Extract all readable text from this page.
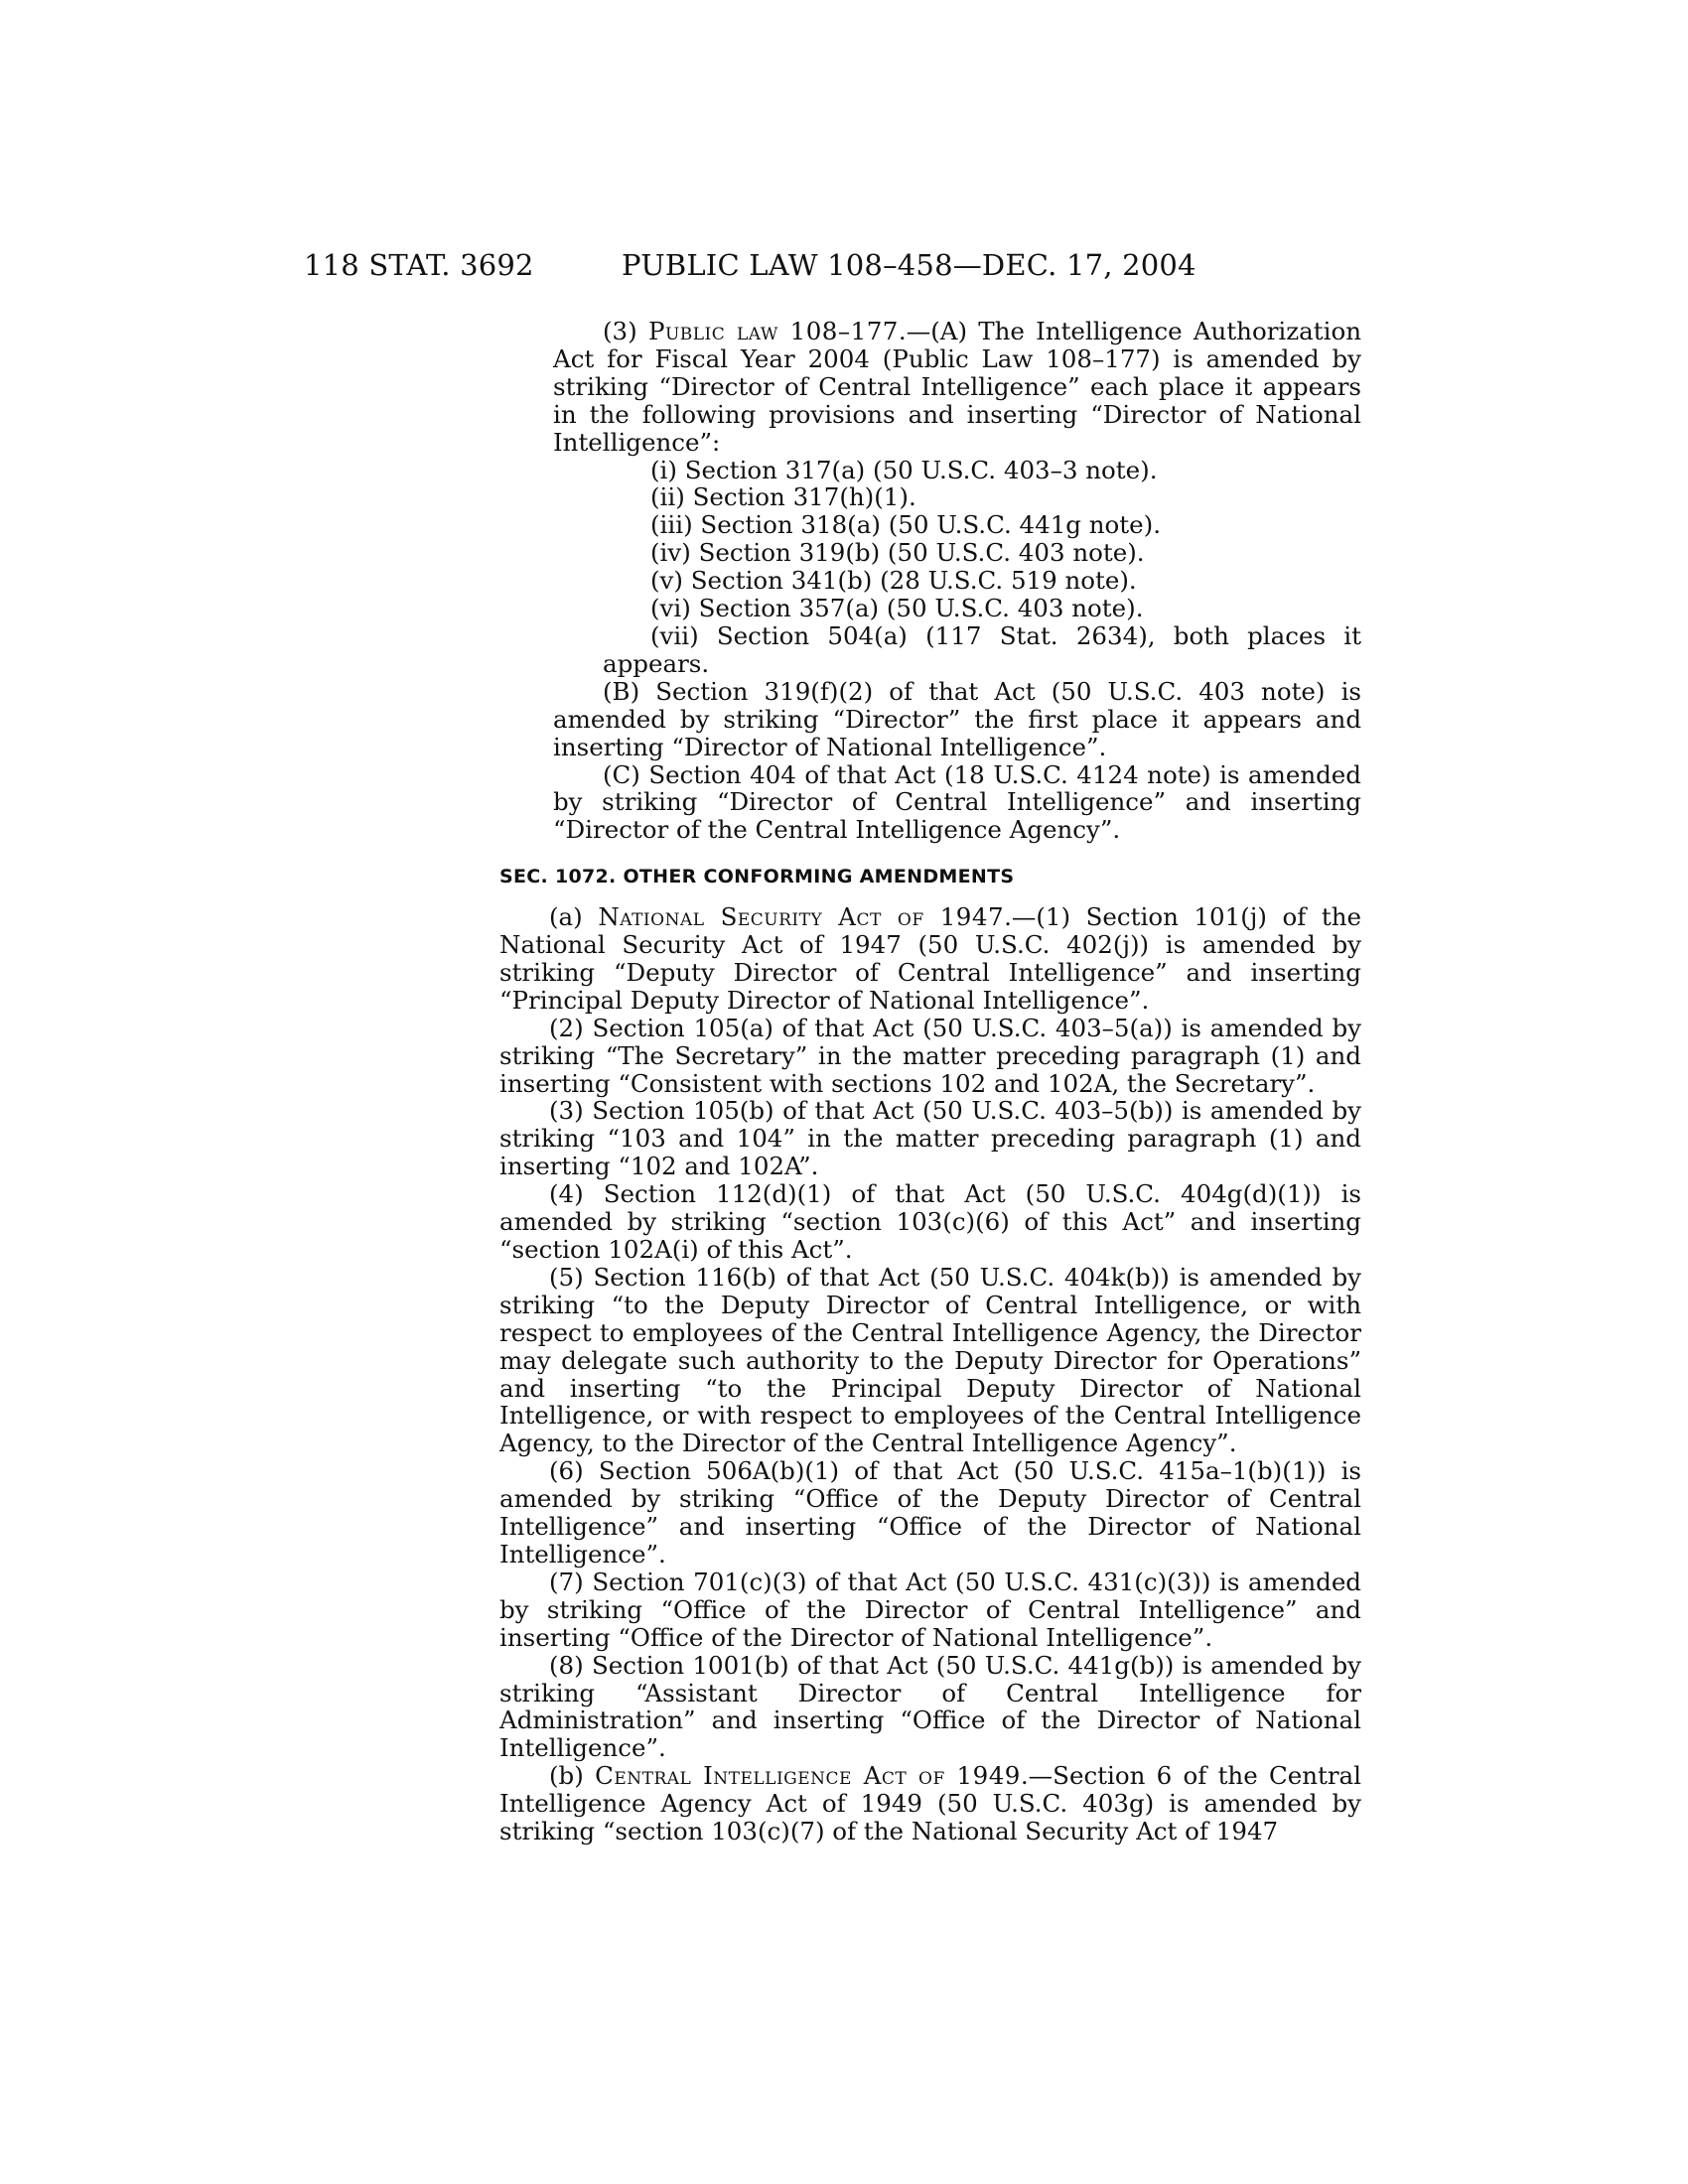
118 STAT. 3692	PUBLIC LAW 108–458—DEC. 17, 2004

(3) Public law 108–177.—(A) The Intelligence Authorization Act for Fiscal Year 2004 (Public Law 108–177) is amended by striking “Director of Central Intelligence” each place it appears in the following provisions and inserting “Director of National Intelligence”:

(i) Section 317(a) (50 U.S.C. 403–3 note).

(ii) Section 317(h)(1).

(iii) Section 318(a) (50 U.S.C. 441g note).

(iv) Section 319(b) (50 U.S.C. 403 note).

(v) Section 341(b) (28 U.S.C. 519 note).

(vi) Section 357(a) (50 U.S.C. 403 note).

(vii) Section 504(a) (117 Stat. 2634), both places it appears.

(B) Section 319(f)(2) of that Act (50 U.S.C. 403 note) is amended by striking “Director” the first place it appears and inserting “Director of National Intelligence”.

(C) Section 404 of that Act (18 U.S.C. 4124 note) is amended by striking “Director of Central Intelligence” and inserting “Director of the Central Intelligence Agency”.

SEC. 1072. OTHER CONFORMING AMENDMENTS

(a) National Security Act of 1947.—(1) Section 101(j) of the National Security Act of 1947 (50 U.S.C. 402(j)) is amended by striking “Deputy Director of Central Intelligence” and inserting “Principal Deputy Director of National Intelligence”.

(2) Section 105(a) of that Act (50 U.S.C. 403–5(a)) is amended by striking “The Secretary” in the matter preceding paragraph (1) and inserting “Consistent with sections 102 and 102A, the Secretary”.

(3) Section 105(b) of that Act (50 U.S.C. 403–5(b)) is amended by striking “103 and 104” in the matter preceding paragraph (1) and inserting “102 and 102A”.

(4) Section 112(d)(1) of that Act (50 U.S.C. 404g(d)(1)) is amended by striking “section 103(c)(6) of this Act” and inserting “section 102A(i) of this Act”.

(5) Section 116(b) of that Act (50 U.S.C. 404k(b)) is amended by striking “to the Deputy Director of Central Intelligence, or with respect to employees of the Central Intelligence Agency, the Director may delegate such authority to the Deputy Director for Operations” and inserting “to the Principal Deputy Director of National Intelligence, or with respect to employees of the Central Intelligence Agency, to the Director of the Central Intelligence Agency”.

(6) Section 506A(b)(1) of that Act (50 U.S.C. 415a–1(b)(1)) is amended by striking “Office of the Deputy Director of Central Intelligence” and inserting “Office of the Director of National Intelligence”.

(7) Section 701(c)(3) of that Act (50 U.S.C. 431(c)(3)) is amended by striking “Office of the Director of Central Intelligence” and inserting “Office of the Director of National Intelligence”.

(8) Section 1001(b) of that Act (50 U.S.C. 441g(b)) is amended by striking “Assistant Director of Central Intelligence for Administration” and inserting “Office of the Director of National Intelligence”.

(b) Central Intelligence Act of 1949.—Section 6 of the Central Intelligence Agency Act of 1949 (50 U.S.C. 403g) is amended by striking “section 103(c)(7) of the National Security Act of 1947
